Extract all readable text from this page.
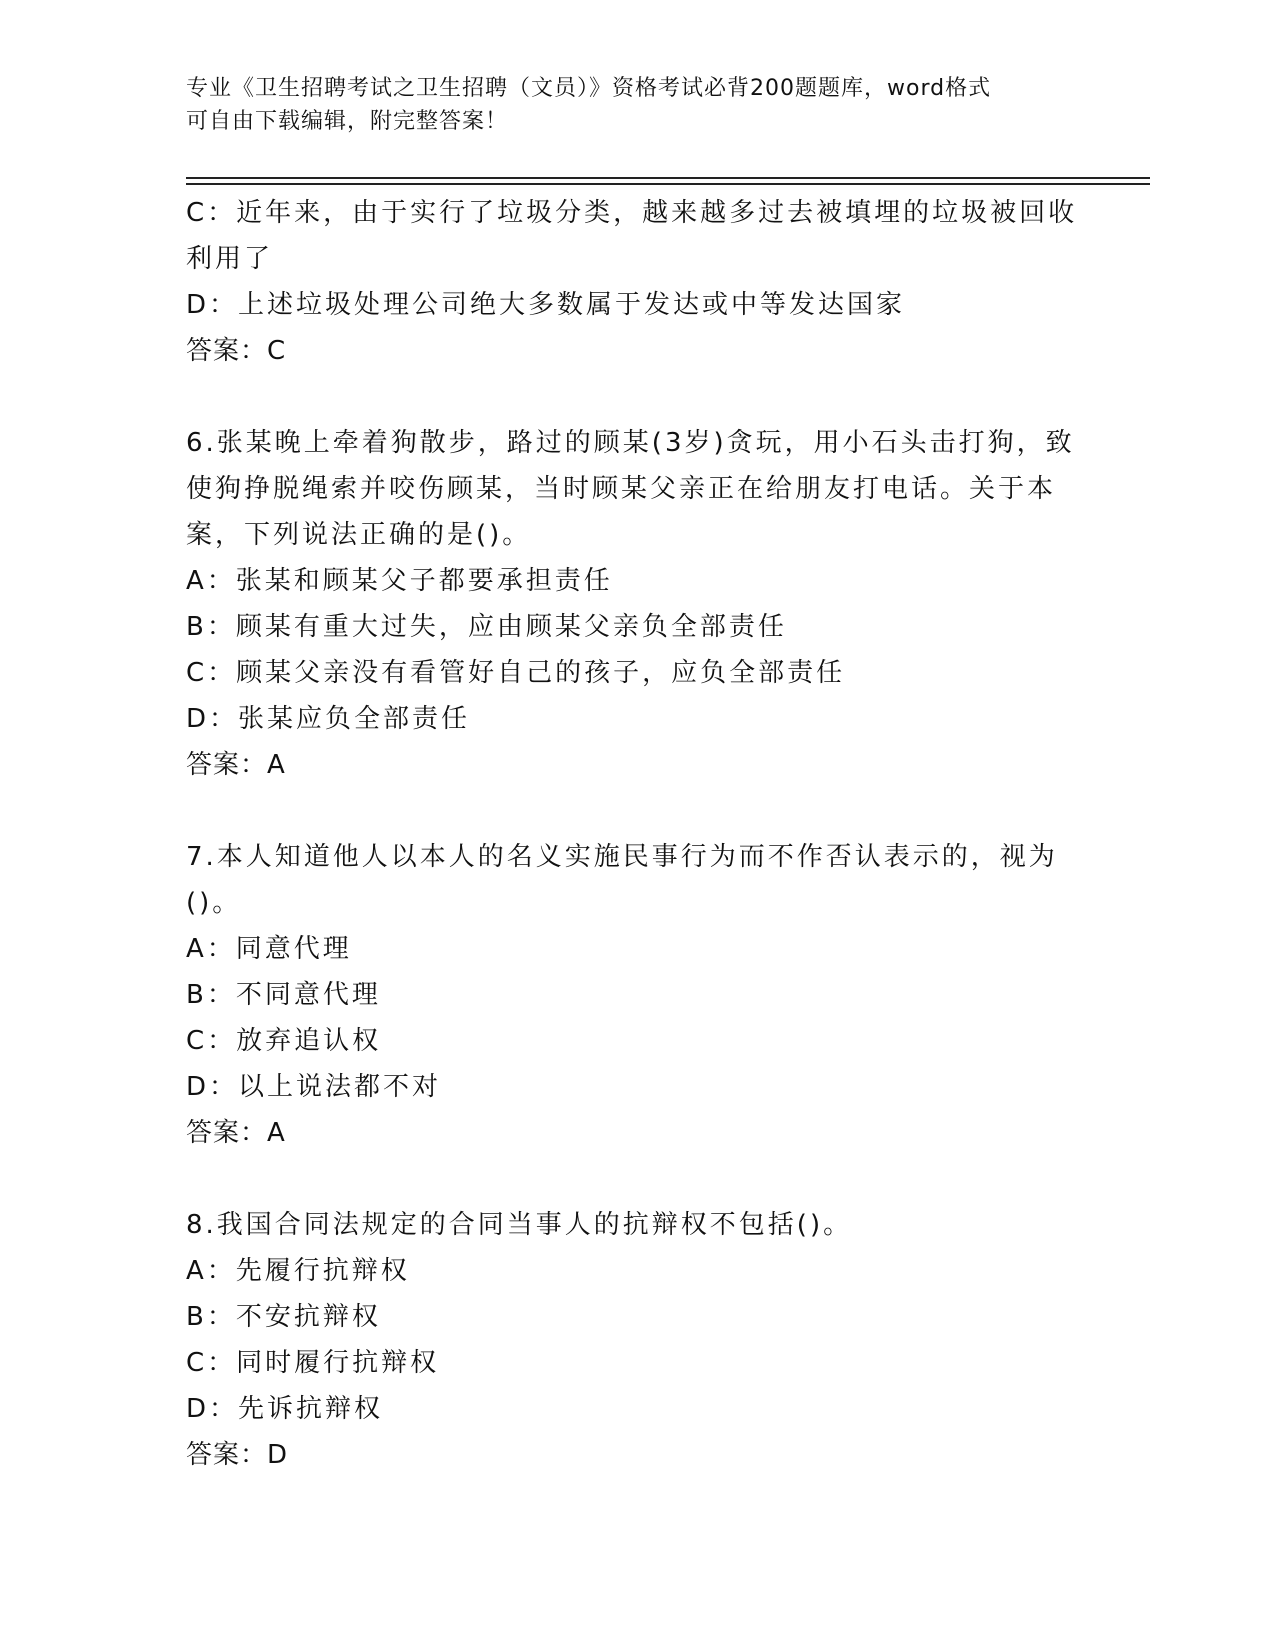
专业《卫生招聘考试之卫生招聘（文员）》资格考试必背200题题库，word格式
可自由下载编辑，附完整答案！
C：近年来，由于实行了垃圾分类，越来越多过去被填埋的垃圾被回收
利用了
D：上述垃圾处理公司绝大多数属于发达或中等发达国家
答案：C
6.张某晚上牵着狗散步，路过的顾某(3岁)贪玩，用小石头击打狗，致
使狗挣脱绳索并咬伤顾某，当时顾某父亲正在给朋友打电话。关于本
案，下列说法正确的是()。
A：张某和顾某父子都要承担责任
B：顾某有重大过失，应由顾某父亲负全部责任
C：顾某父亲没有看管好自己的孩子，应负全部责任
D：张某应负全部责任
答案：A
7.本人知道他人以本人的名义实施民事行为而不作否认表示的，视为
()。
A：同意代理
B：不同意代理
C：放弃追认权
D：以上说法都不对
答案：A
8.我国合同法规定的合同当事人的抗辩权不包括()。
A：先履行抗辩权
B：不安抗辩权
C：同时履行抗辩权
D：先诉抗辩权
答案：D
